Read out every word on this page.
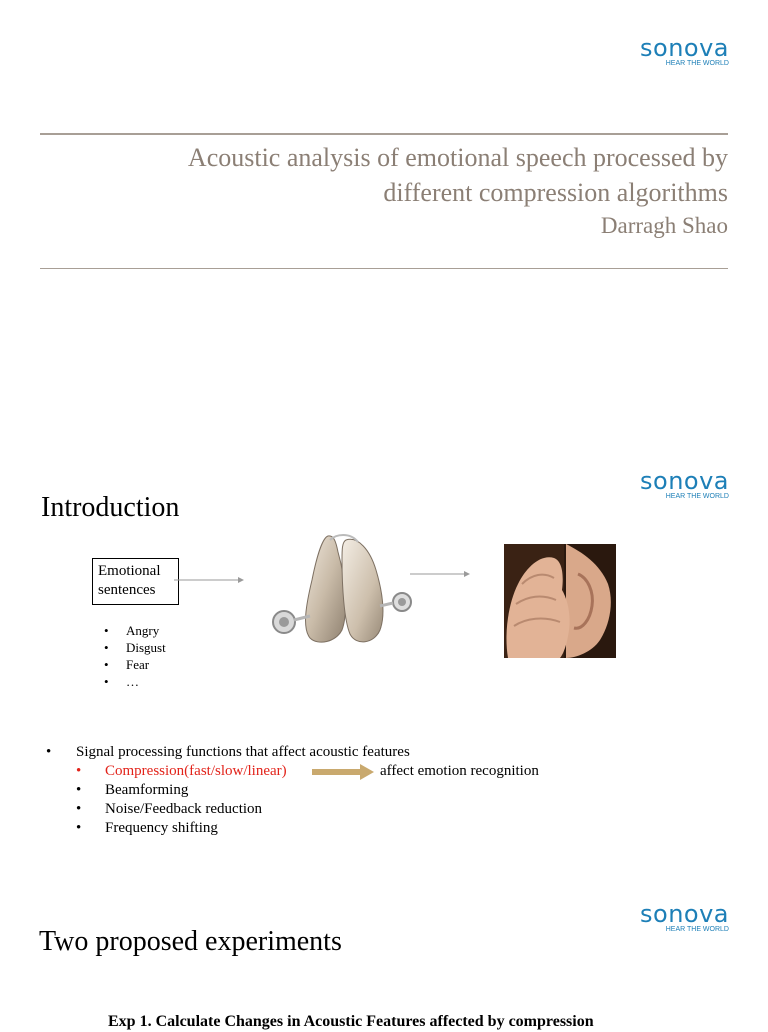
sonova
HEAR THE WORLD
Acoustic analysis of emotional speech processed by
different compression algorithms
Darragh Shao
sonova
HEAR THE WORLD
Introduction
Emotional
sentences
• Angry
• Disgust
• Fear
• …
• Signal processing functions that affect acoustic features
• Compression(fast/slow/linear)
• Beamforming
• Noise/Feedback reduction
• Frequency shifting
affect emotion recognition
sonova
HEAR THE WORLD
Two proposed experiments
Exp 1. Calculate Changes in Acoustic Features affected by compression
